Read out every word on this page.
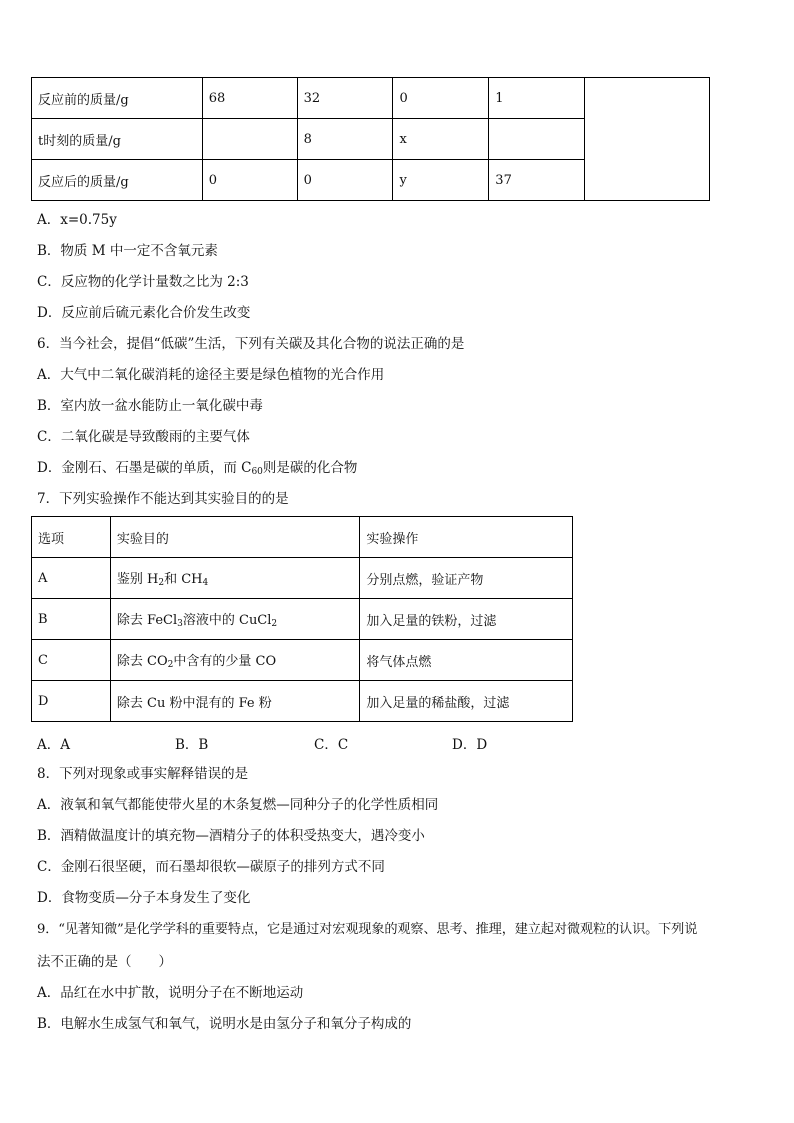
反应前的质量/g	68	32	0	1	
t时刻的质量/g		8	x		
反应后的质量/g	0	0	y	37	
A．x=0.75y
B．物质 M 中一定不含氧元素
C．反应物的化学计量数之比为 2:3
D．反应前后硫元素化合价发生改变
6．当今社会，提倡“低碳”生活，下列有关碳及其化合物的说法正确的是
A．大气中二氧化碳消耗的途径主要是绿色植物的光合作用
B．室内放一盆水能防止一氧化碳中毒
C．二氧化碳是导致酸雨的主要气体
D．金刚石、石墨是碳的单质，而 $C_{60}$则是碳的化合物
7．下列实验操作不能达到其实验目的的是
选项	实验目的	实验操作
A	鉴别 $H_2$和 $CH_4$	分别点燃，验证产物
B	除去 FeCl$_3$溶液中的 CuCl$_2$	加入足量的铁粉，过滤
C	除去 $CO_2$中含有的少量 CO	将气体点燃
D	除去 Cu 粉中混有的 Fe 粉	加入足量的稀盐酸，过滤
A．A	B．B	C．C	D．D
8．下列对现象或事实解释错误的是
A．液氧和氧气都能使带火星的木条复燃—同种分子的化学性质相同
B．酒精做温度计的填充物—酒精分子的体积受热变大，遇冷变小
C．金刚石很坚硬，而石墨却很软—碳原子的排列方式不同
D．食物变质—分子本身发生了变化
9．“见著知微”是化学学科的重要特点，它是通过对宏观现象的观察、思考、推理，建立起对微观粒的认识。下列说
法不正确的是（　　）
A．品红在水中扩散，说明分子在不断地运动
B．电解水生成氢气和氧气，说明水是由氢分子和氧分子构成的
